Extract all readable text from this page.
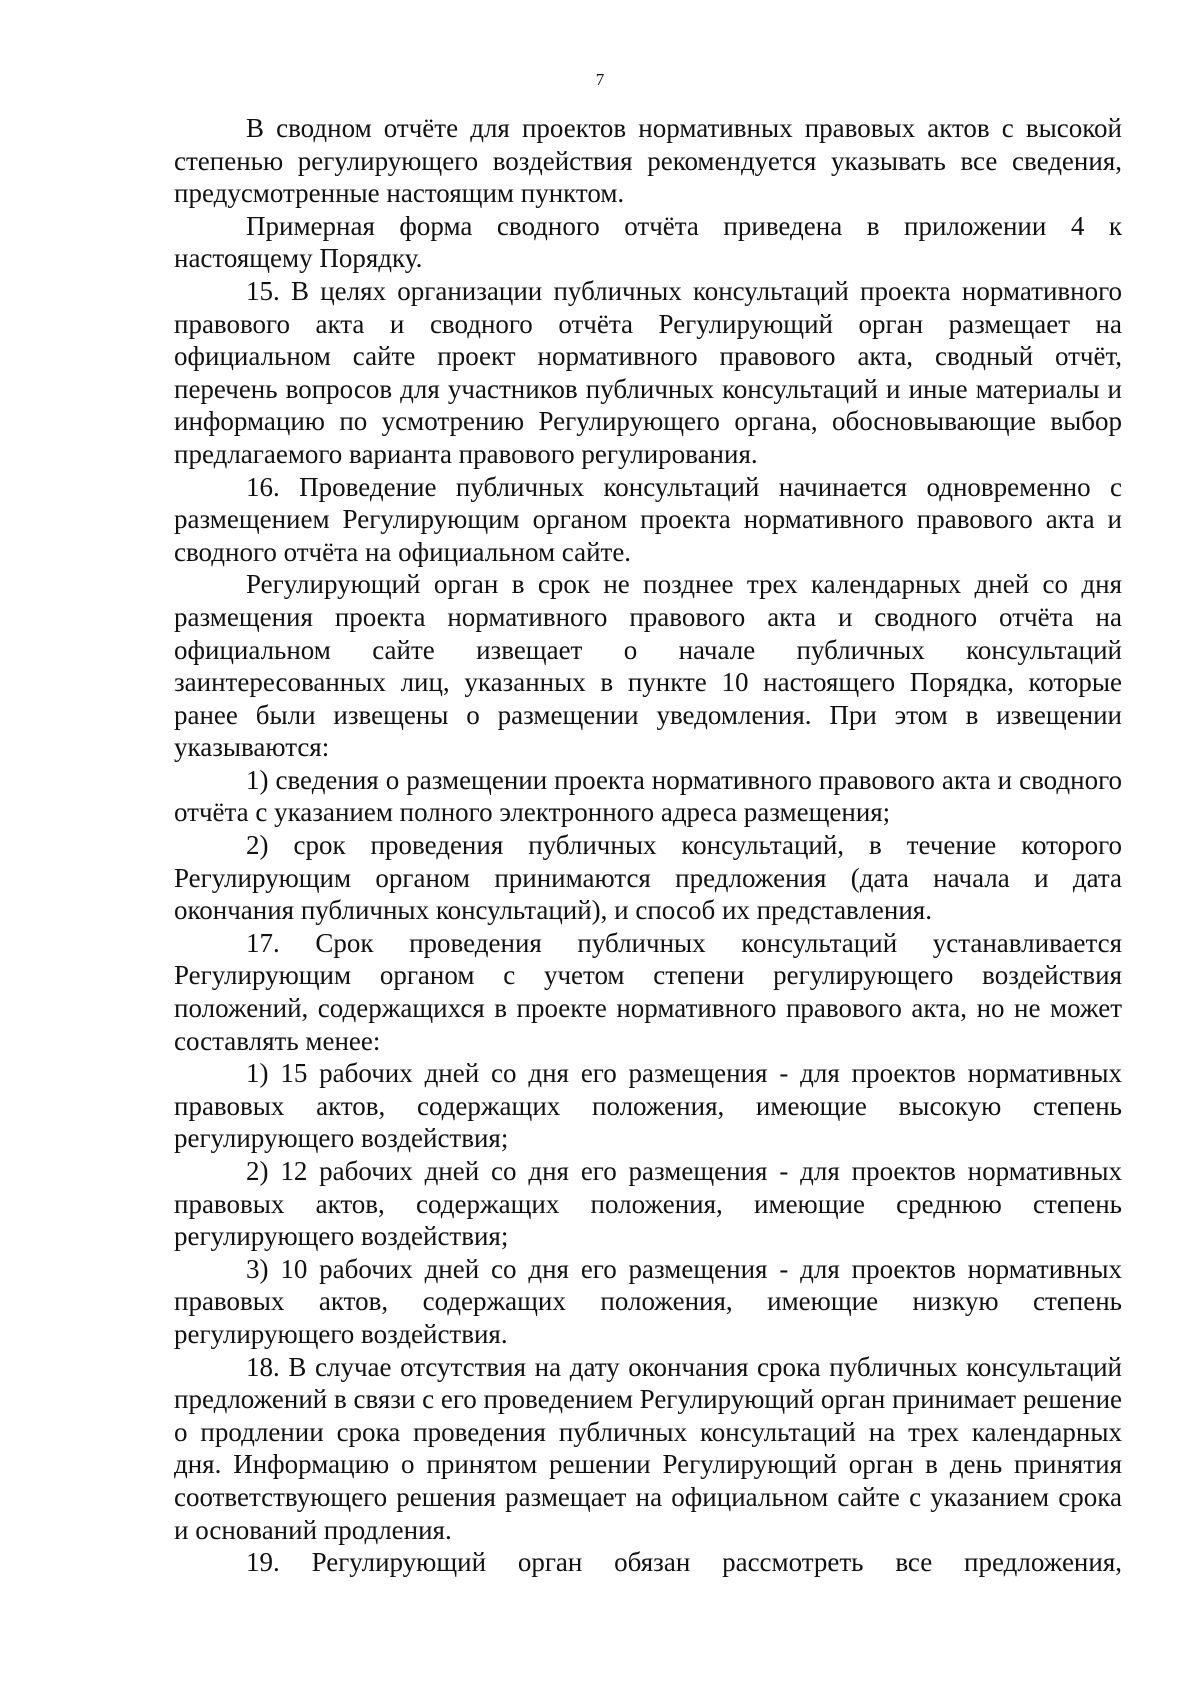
7

В сводном отчёте для проектов нормативных правовых актов с высокой степенью регулирующего воздействия рекомендуется указывать все сведения, предусмотренные настоящим пунктом.

Примерная форма сводного отчёта приведена в приложении 4 к настоящему Порядку.

15. В целях организации публичных консультаций проекта нормативного правового акта и сводного отчёта Регулирующий орган размещает на официальном сайте проект нормативного правового акта, сводный отчёт, перечень вопросов для участников публичных консультаций и иные материалы и информацию по усмотрению Регулирующего органа, обосновывающие выбор предлагаемого варианта правового регулирования.

16. Проведение публичных консультаций начинается одновременно с размещением Регулирующим органом проекта нормативного правового акта и сводного отчёта на официальном сайте.

Регулирующий орган в срок не позднее трех календарных дней со дня размещения проекта нормативного правового акта и сводного отчёта на официальном сайте извещает о начале публичных консультаций заинтересованных лиц, указанных в пункте 10 настоящего Порядка, которые ранее были извещены о размещении уведомления. При этом в извещении указываются:

1) сведения о размещении проекта нормативного правового акта и сводного отчёта с указанием полного электронного адреса размещения;

2) срок проведения публичных консультаций, в течение которого Регулирующим органом принимаются предложения (дата начала и дата окончания публичных консультаций), и способ их представления.

17. Срок проведения публичных консультаций устанавливается Регулирующим органом с учетом степени регулирующего воздействия положений, содержащихся в проекте нормативного правового акта, но не может составлять менее:

1) 15 рабочих дней со дня его размещения - для проектов нормативных правовых актов, содержащих положения, имеющие высокую степень регулирующего воздействия;

2) 12 рабочих дней со дня его размещения - для проектов нормативных правовых актов, содержащих положения, имеющие среднюю степень регулирующего воздействия;

3) 10 рабочих дней со дня его размещения - для проектов нормативных правовых актов, содержащих положения, имеющие низкую степень регулирующего воздействия.

18. В случае отсутствия на дату окончания срока публичных консультаций предложений в связи с его проведением Регулирующий орган принимает решение о продлении срока проведения публичных консультаций на трех календарных дня. Информацию о принятом решении Регулирующий орган в день принятия соответствующего решения размещает на официальном сайте с указанием срока и оснований продления.

19. Регулирующий орган обязан рассмотреть все предложения,
